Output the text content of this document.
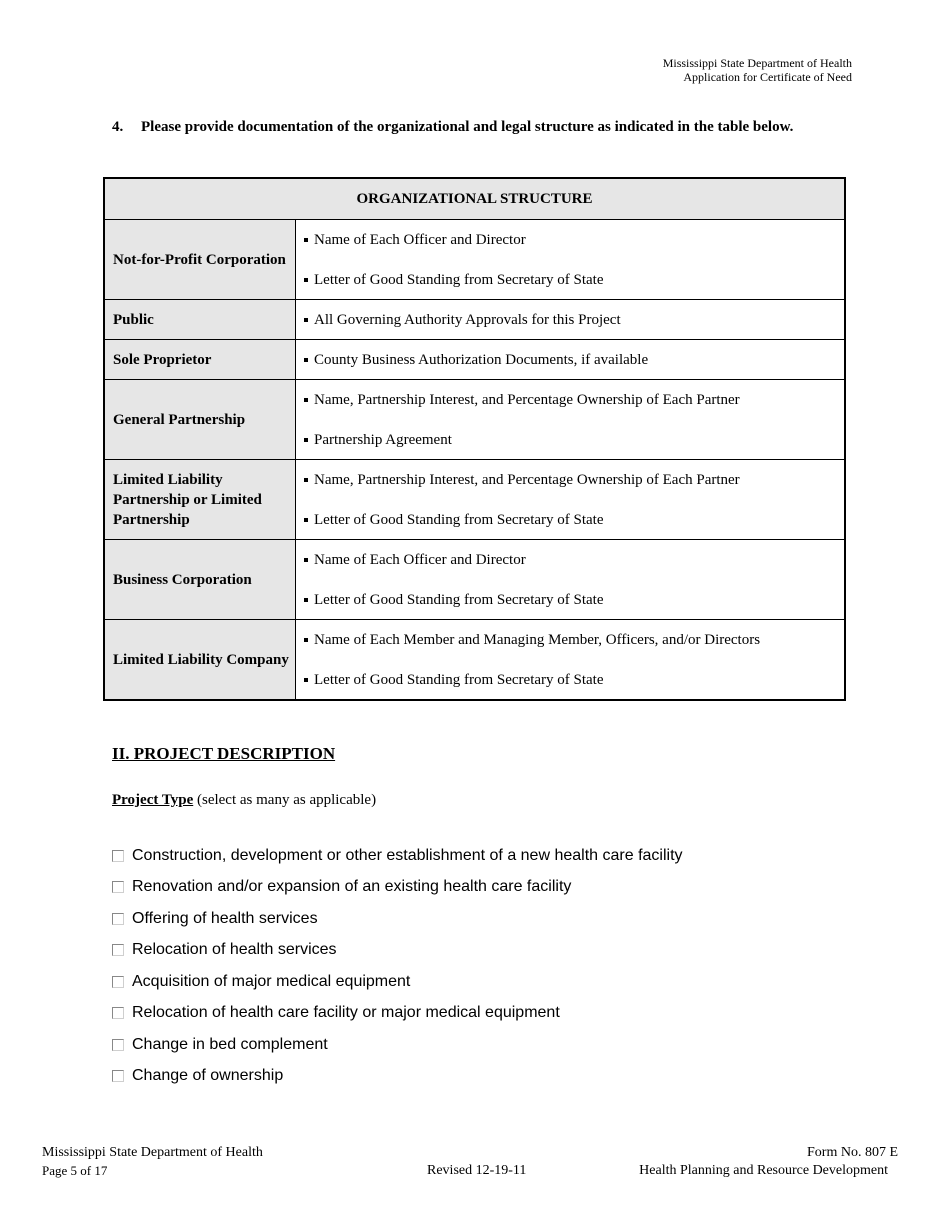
Mississippi State Department of Health
Application for Certificate of Need
4. Please provide documentation of the organizational and legal structure as indicated in the table below.
ORGANIZATIONAL STRUCTURE	
Not-for-Profit Corporation	Name of Each Officer and Director
Letter of Good Standing from Secretary of State

Public	All Governing Authority Approvals for this Project

Sole Proprietor	County Business Authorization Documents, if available

General Partnership	Name, Partnership Interest, and Percentage Ownership of Each Partner
Partnership Agreement

Limited Liability Partnership or Limited Partnership	Name, Partnership Interest, and Percentage Ownership of Each Partner
Letter of Good Standing from Secretary of State

Business Corporation	Name of Each Officer and Director
Letter of Good Standing from Secretary of State

Limited Liability Company	Name of Each Member and Managing Member, Officers, and/or Directors
Letter of Good Standing from Secretary of State
II. PROJECT DESCRIPTION
Project Type (select as many as applicable)
Construction, development or other establishment of a new health care facility
Renovation and/or expansion of an existing health care facility
Offering of health services
Relocation of health services
Acquisition of major medical equipment
Relocation of health care facility or major medical equipment
Change in bed complement
Change of ownership
Mississippi State Department of Health
Page 5 of 17	Revised 12-19-11
Form No. 807 E
Health Planning and Resource Development
